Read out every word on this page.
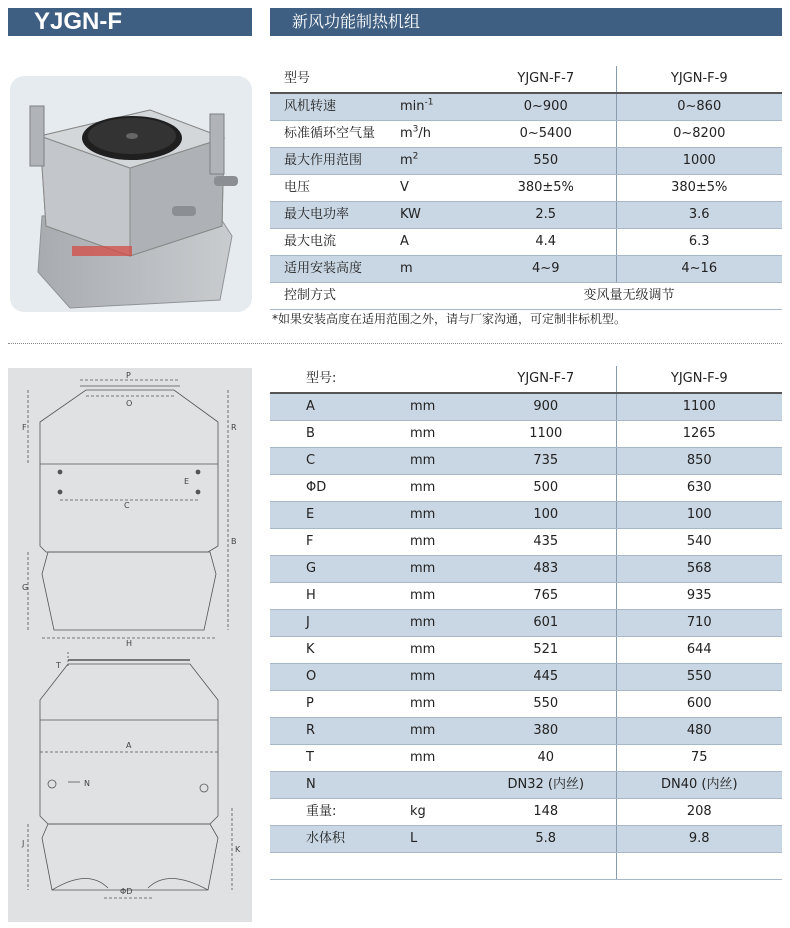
YJGN-F	新风功能制热机组
P
O
F	R
E
C
B
G
H
T
A
N
J
K
ΦD
型号		YJGN-F-7	YJGN-F-9
风机转速	$\min^{-1}$	0~900	0~860
标准循环空气量	$m^3/h$	0~5400	0~8200
最大作用范围	$m^2$	550	1000
电压	V	380±5%	380±5%
最大电功率	KW	2.5	3.6
最大电流	A	4.4	6.3
适用安装高度	m	4~9	4~16
控制方式		变风量无级调节	
*如果安装高度在适用范围之外，请与厂家沟通，可定制非标机型。
型号:		YJGN-F-7	YJGN-F-9
A	mm	900	1100
B	mm	1100	1265
C	mm	735	850
ΦD	mm	500	630
E	mm	100	100
F	mm	435	540
G	mm	483	568
H	mm	765	935
J	mm	601	710
K	mm	521	644
O	mm	445	550
P	mm	550	600
R	mm	380	480
T	mm	40	75
N		DN32 (内丝)	DN40 (内丝)
重量:	kg	148	208
水体积	L	5.8	9.8
